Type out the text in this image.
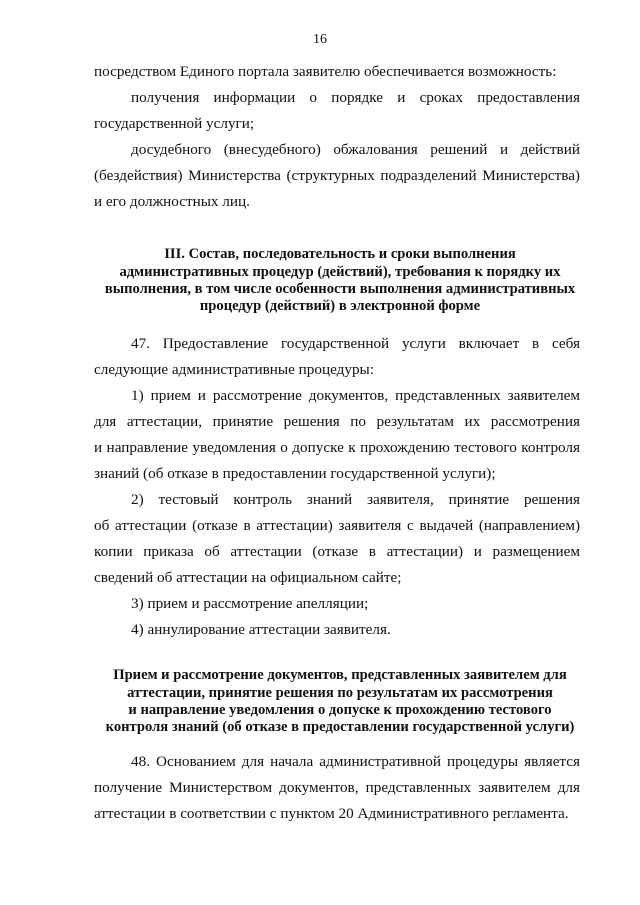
16
посредством Единого портала заявителю обеспечивается возможность:
получения информации о порядке и сроках предоставления
государственной услуги;
досудебного (внесудебного) обжалования решений и действий
(бездействия) Министерства (структурных подразделений Министерства)
и его должностных лиц.
III. Состав, последовательность и сроки выполнения
административных процедур (действий), требования к порядку их
выполнения, в том числе особенности выполнения административных
процедур (действий) в электронной форме
47. Предоставление государственной услуги включает в себя
следующие административные процедуры:
1) прием и рассмотрение документов, представленных заявителем
для аттестации, принятие решения по результатам их рассмотрения
и направление уведомления о допуске к прохождению тестового контроля
знаний (об отказе в предоставлении государственной услуги);
2) тестовый контроль знаний заявителя, принятие решения
об аттестации (отказе в аттестации) заявителя с выдачей (направлением)
копии приказа об аттестации (отказе в аттестации) и размещением
сведений об аттестации на официальном сайте;
3) прием и рассмотрение апелляции;
4) аннулирование аттестации заявителя.
Прием и рассмотрение документов, представленных заявителем для
аттестации, принятие решения по результатам их рассмотрения
и направление уведомления о допуске к прохождению тестового
контроля знаний (об отказе в предоставлении государственной услуги)
48. Основанием для начала административной процедуры является
получение Министерством документов, представленных заявителем для
аттестации в соответствии с пунктом 20 Административного регламента.
